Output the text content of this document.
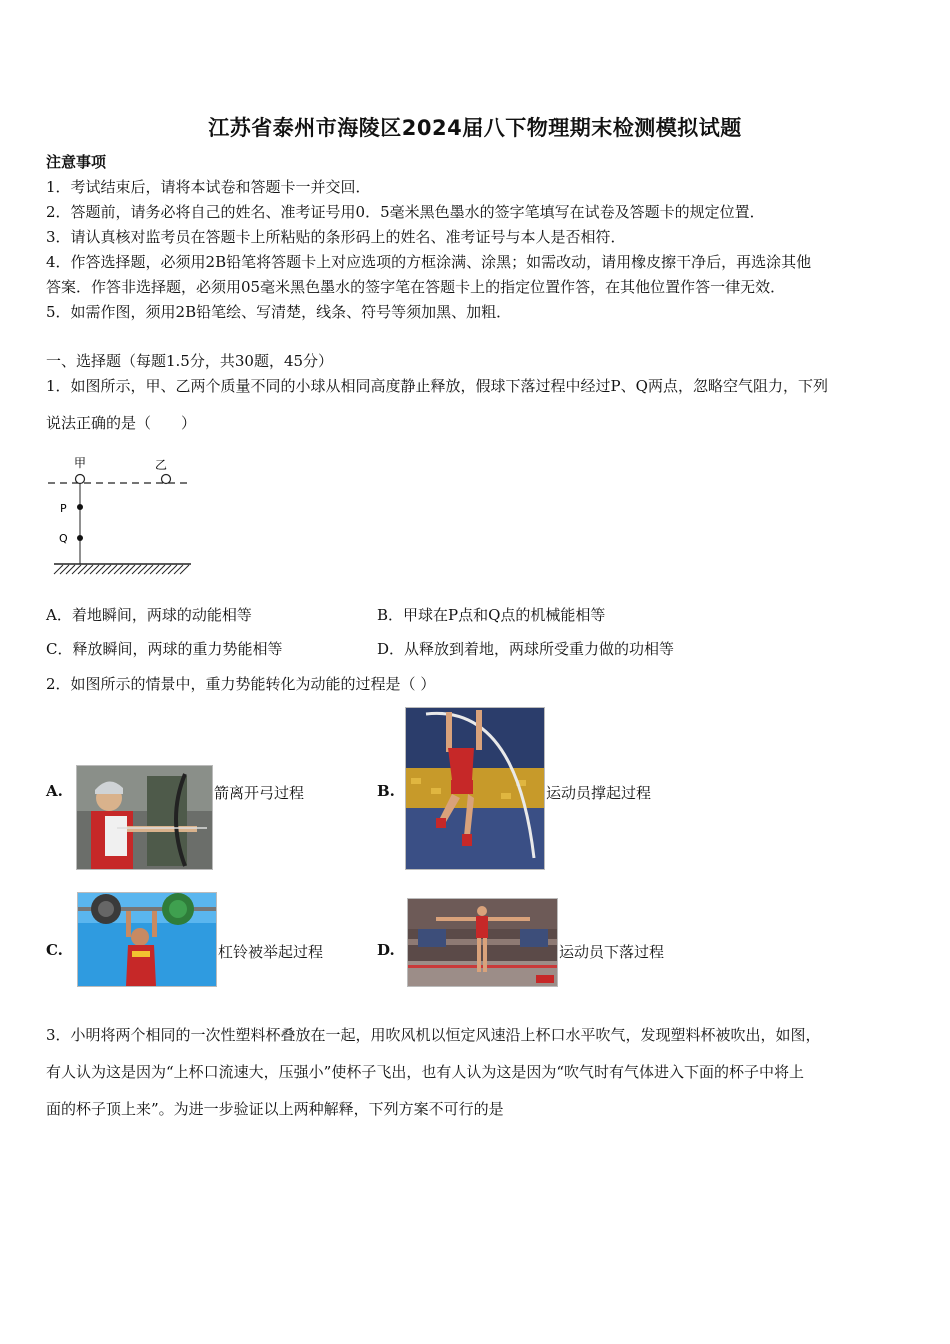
江苏省泰州市海陵区2024届八下物理期末检测模拟试题
注意事项
1．考试结束后，请将本试卷和答题卡一并交回．
2．答题前，请务必将自己的姓名、准考证号用0．5毫米黑色墨水的签字笔填写在试卷及答题卡的规定位置．
3．请认真核对监考员在答题卡上所粘贴的条形码上的姓名、准考证号与本人是否相符．
4．作答选择题，必须用2B铅笔将答题卡上对应选项的方框涂满、涂黑；如需改动，请用橡皮擦干净后，再选涂其他
答案．作答非选择题，必须用05毫米黑色墨水的签字笔在答题卡上的指定位置作答，在其他位置作答一律无效．
5．如需作图，须用2B铅笔绘、写清楚，线条、符号等须加黑、加粗．
一、选择题（每题1.5分，共30题，45分）
1．如图所示，甲、乙两个质量不同的小球从相同高度静止释放，假球下落过程中经过P、Q两点，忽略空气阻力，下列
说法正确的是（　　）
甲	乙
P
Q
A．着地瞬间，两球的动能相等	B．甲球在P点和Q点的机械能相等
C．释放瞬间，两球的重力势能相等	D．从释放到着地，两球所受重力做的功相等
2．如图所示的情景中，重力势能转化为动能的过程是（ ）
A.	箭离开弓过程	B.	运动员撑起过程
C.	杠铃被举起过程	D.	运动员下落过程
3．小明将两个相同的一次性塑料杯叠放在一起，用吹风机以恒定风速沿上杯口水平吹气，发现塑料杯被吹出，如图，
有人认为这是因为“上杯口流速大，压强小”使杯子飞出，也有人认为这是因为“吹气时有气体进入下面的杯子中将上
面的杯子顶上来”。为进一步验证以上两种解释，下列方案不可行的是
